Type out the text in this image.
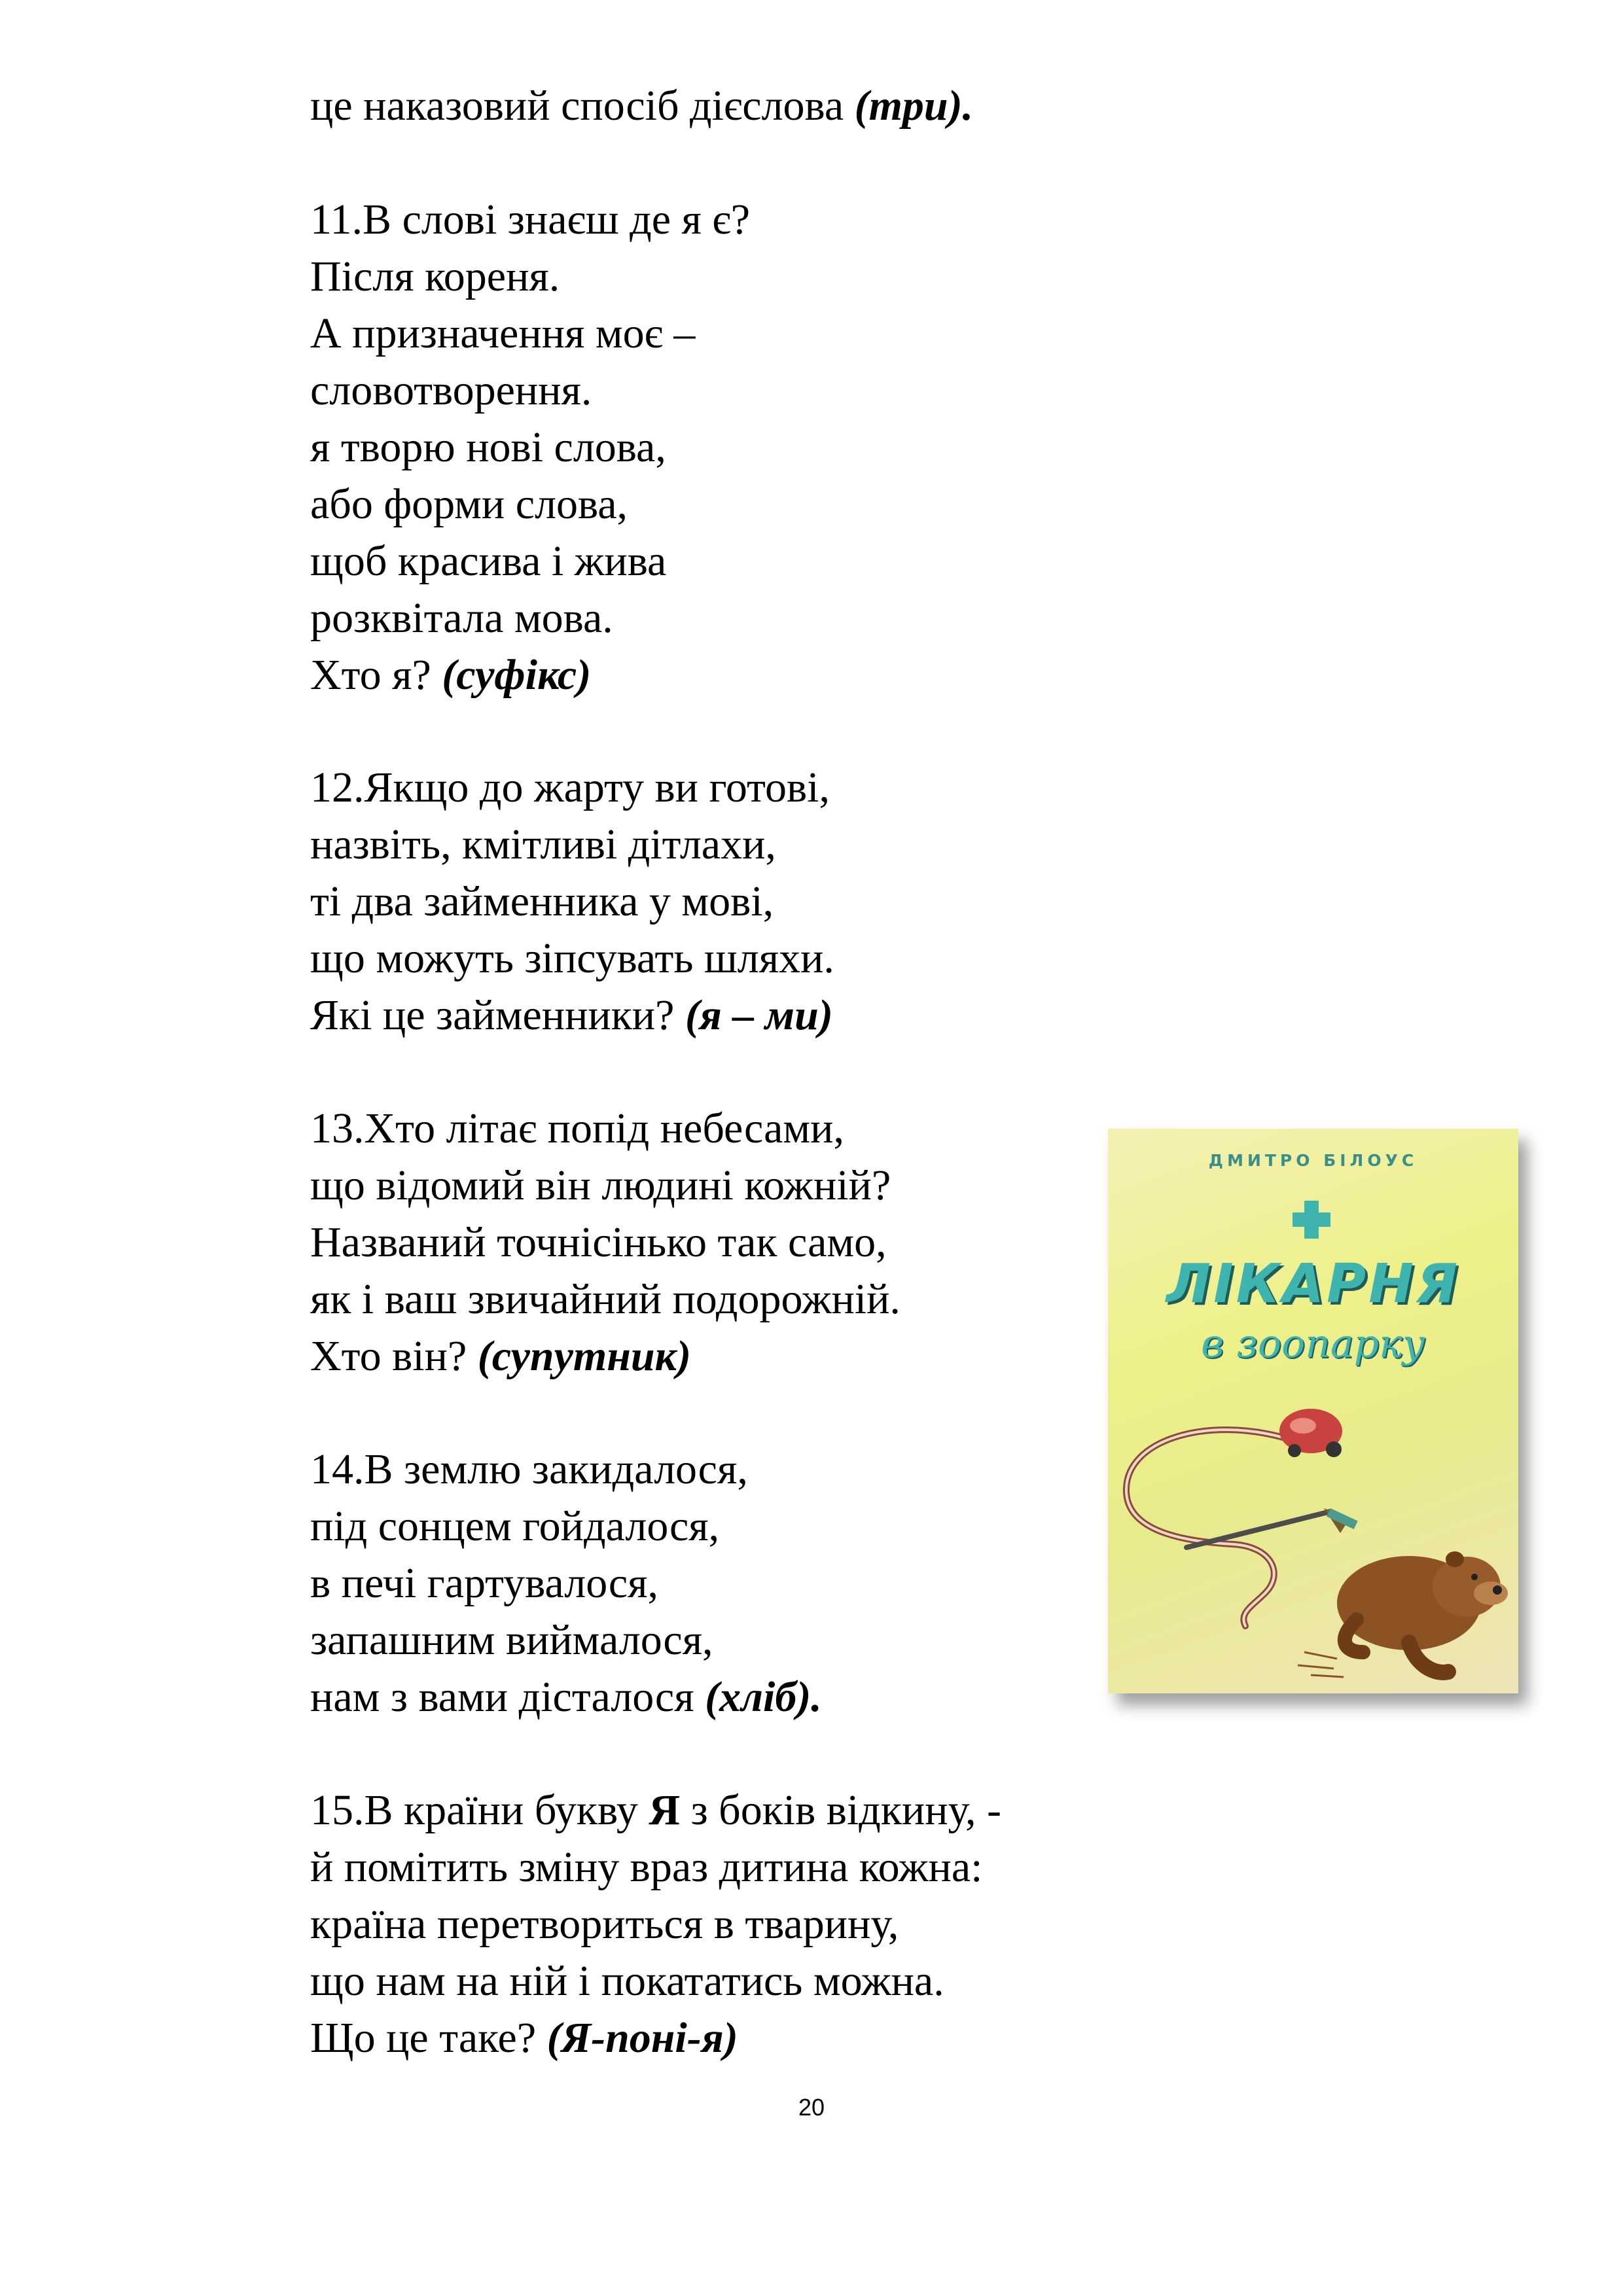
це наказовий спосіб дієслова (три).
11.В слові знаєш де я є?
Після кореня.
А призначення моє –
словотворення.
я творю нові слова,
або форми слова,
щоб красива і жива
розквітала мова.
Хто я? (суфікс)
12.Якщо до жарту ви готові,
назвіть, кмітливі дітлахи,
ті два займенника у мові,
що можуть зіпсувать шляхи.
Які це займенники? (я – ми)
13.Хто літає попід небесами,
що відомий він людині кожній?
Названий точнісінько так само,
як і ваш звичайний подорожній.
Хто він? (супутник)
14.В землю закидалося,
під сонцем гойдалося,
в печі гартувалося,
запашним виймалося,
нам з вами дісталося (хліб).
15.В країни букву Я з боків відкину, -
й помітить зміну враз дитина кожна:
країна перетвориться в тварину,
що нам на ній і покататись можна.
Що це таке? (Я-поні-я)
ДМИТРО БІЛОУС
ЛІКАРНЯ
в зоопарку
20
